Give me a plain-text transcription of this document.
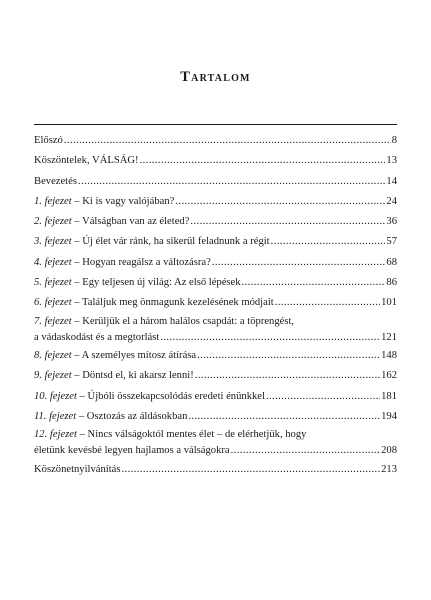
Tartalom
Előszó .....	8
Köszöntelek, VÁLSÁG! .....	13
Bevezetés .....	14
1. fejezet – Ki is vagy valójában? .....	24
2. fejezet – Válságban van az életed? .....	36
3. fejezet – Új élet vár ránk, ha sikerül feladnunk a régit .....	57
4. fejezet – Hogyan reagálsz a változásra? .....	68
5. fejezet – Egy teljesen új világ: Az első lépések .....	86
6. fejezet – Találjuk meg önmagunk kezelésének módjait .....	101
7. fejezet – Kerüljük el a három halálos csapdát: a töprengést,
a vádaskodást és a megtorlást .....	121
8. fejezet – A személyes mítosz átírása .....	148
9. fejezet – Döntsd el, ki akarsz lenni! .....	162
10. fejezet – Újbóli összekapcsolódás eredeti énünkkel .....	181
11. fejezet – Osztozás az áldásokban .....	194
12. fejezet – Nincs válságoktól mentes élet – de elérhetjük, hogy
életünk kevésbé legyen hajlamos a válságokra .....	208
Köszönetnyilvánítás .....	213
